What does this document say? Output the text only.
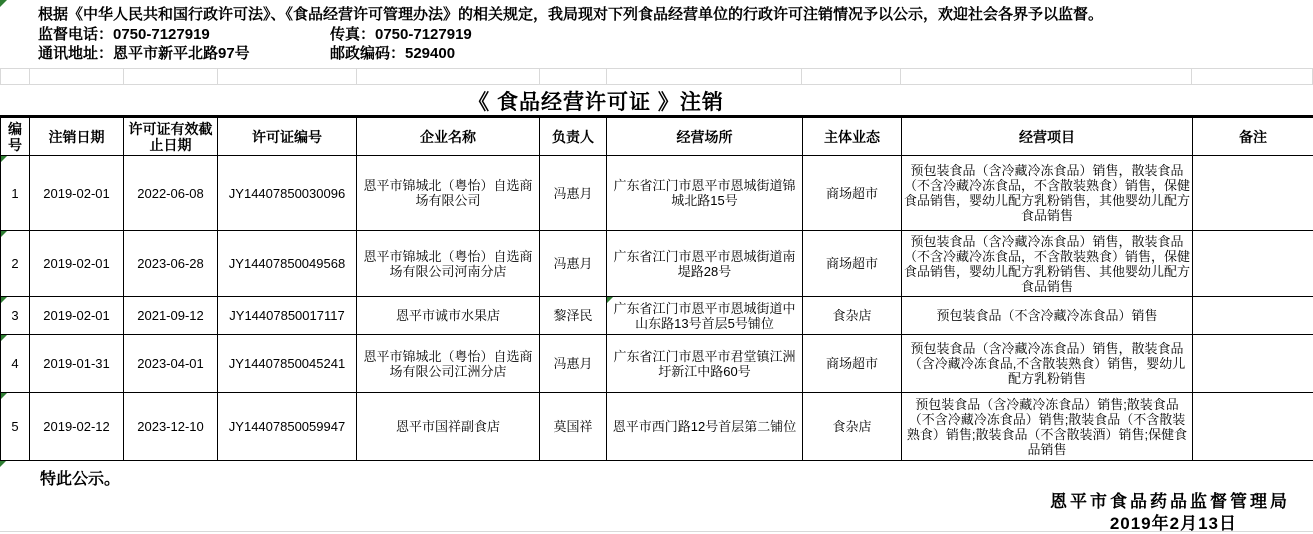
根据《中华人民共和国行政许可法》、《食品经营许可管理办法》的相关规定，我局现对下列食品经营单位的行政许可注销情况予以公示，欢迎社会各界予以监督。
监督电话：0750-7127919	传真：0750-7127919
通讯地址：恩平市新平北路97号	邮政编码：529400
《 食品经营许可证 》注销
编号	注销日期	许可证有效截止日期	许可证编号	企业名称	负责人	经营场所	主体业态	经营项目	备注

1	2019-02-01	2022-06-08	JY14407850030096	恩平市锦城北（粤怡）自选商场有限公司	冯惠月	广东省江门市恩平市恩城街道锦城北路15号	商场超市	预包装食品（含冷藏冷冻食品）销售，散装食品（不含冷藏冷冻食品，不含散装熟食）销售，保健食品销售，婴幼儿配方乳粉销售，其他婴幼儿配方食品销售	

2	2019-02-01	2023-06-28	JY14407850049568	恩平市锦城北（粤怡）自选商场有限公司河南分店	冯惠月	广东省江门市恩平市恩城街道南堤路28号	商场超市	预包装食品（含冷藏冷冻食品）销售，散装食品（不含冷藏冷冻食品，不含散装熟食）销售，保健食品销售，婴幼儿配方乳粉销售、其他婴幼儿配方食品销售	

3	2019-02-01	2021-09-12	JY14407850017117	恩平市诚市水果店	黎泽民	广东省江门市恩平市恩城街道中山东路13号首层5号铺位	食杂店	预包装食品（不含冷藏冷冻食品）销售	

4	2019-01-31	2023-04-01	JY14407850045241	恩平市锦城北（粤怡）自选商场有限公司江洲分店	冯惠月	广东省江门市恩平市君堂镇江洲圩新江中路60号	商场超市	预包装食品（含冷藏冷冻食品）销售，散装食品（含冷藏冷冻食品,不含散装熟食）销售，婴幼儿配方乳粉销售	

5	2019-02-12	2023-12-10	JY14407850059947	恩平市国祥副食店	莫国祥	恩平市西门路12号首层第二铺位	食杂店	预包装食品（含冷藏冷冻食品）销售;散装食品（不含冷藏冷冻食品）销售;散装食品（不含散装熟食）销售;散装食品（不含散装酒）销售;保健食品销售	
特此公示。
恩平市食品药品监督管理局
2019年2月13日
